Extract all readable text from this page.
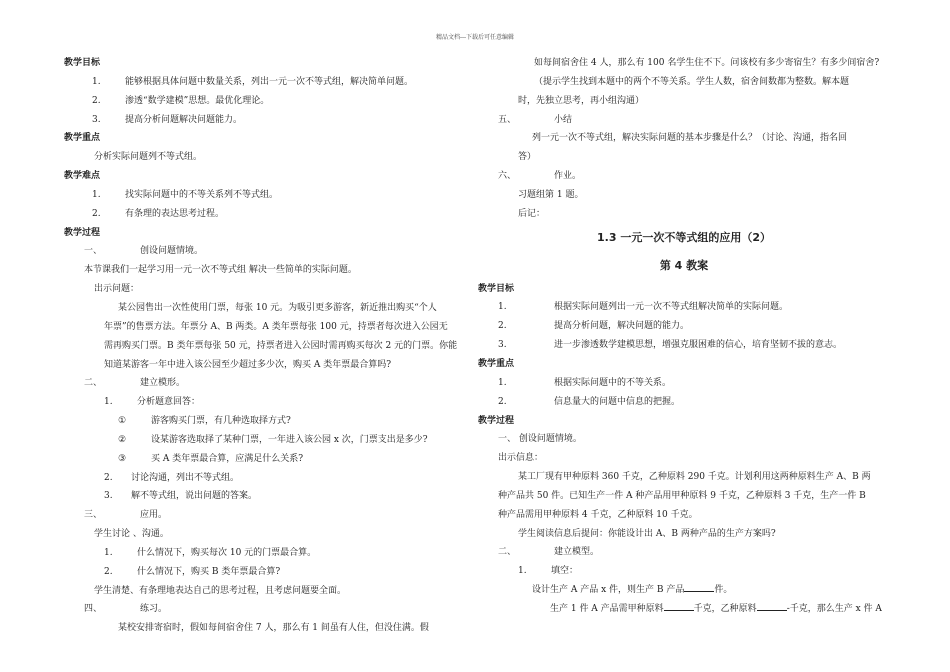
精品文档---下载后可任意编辑
教学目标
1.	能够根据具体问题中数量关系，列出一元一次不等式组，解决简单问题。
2.	渗透“数学建模”思想。最优化理论。
3.	提高分析问题解决问题能力。
教学重点
分析实际问题列不等式组。
教学难点
1.	找实际问题中的不等关系列不等式组。
2.	有条理的表达思考过程。
教学过程
一、	创设问题情境。
本节课我们一起学习用一元一次不等式组 解决一些简单的实际问题。
出示问题：
某公园售出一次性使用门票，每张 10 元。为吸引更多游客，新近推出购买“个人
年票”的售票方法。年票分 A、B 两类。A 类年票每张 100 元，持票者每次进入公园无
需再购买门票。B 类年票每张 50 元，持票者进入公园时需再购买每次 2 元的门票。你能
知道某游客一年中进入该公园至少超过多少次，购买 A 类年票最合算吗?
二、	建立模形。
1.	分析题意回答：
①	游客购买门票，有几种选取择方式?
②	设某游客选取择了某种门票，一年进入该公园 x 次，门票支出是多少?
③	买 A 类年票最合算，应满足什么关系?
2. 讨论沟通，列出不等式组。
3. 解不等式组，说出问题的答案。
三、	应用。
学生讨论 、沟通。
1.	什么情况下，购买每次 10 元的门票最合算。
2.	什么情况下，购买 B 类年票最合算?
学生清楚、有条理地表达自己的思考过程，且考虑问题要全面。
四、	练习。
某校安排寄宿时，假如每间宿舍住 7 人，那么有 1 间虽有人住，但没住满。假
如每间宿舍住 4 人，那么有 100 名学生住不下。问该校有多少寄宿生？有多少间宿舍?
（提示学生找到本题中的两个不等关系。学生人数，宿舍间数都为整数。解本题
时，先独立思考，再小组沟通）
五、	小结
列一元一次不等式组，解决实际问题的基本步骤是什么？（讨论、沟通，指名回
答）
六、	作业。
习题组第 1 题。
后记：
1.3 一元一次不等式组的应用（2）
第 4 教案
教学目标
1.	根据实际问题列出一元一次不等式组解决简单的实际问题。
2.	提高分析问题，解决问题的能力。
3.	进一步渗透数学建模思想，增强克服困难的信心，培育坚韧不拔的意志。
教学重点
1.	根据实际问题中的不等关系。
2.	信息量大的问题中信息的把握。
教学过程
一、 创设问题情境。
出示信息：
某工厂现有甲种原料 360 千克，乙种原料 290 千克。计划利用这两种原料生产 A、B 两
种产品共 50 件。已知生产一件 A 种产品用甲种原料 9 千克，乙种原料 3 千克，生产一件 B
种产品需用甲种原料 4 千克，乙种原料 10 千克。
学生阅读信息后提问：你能设计出 A、B 两种产品的生产方案吗?
二、	建立模型。
1.	填空：
设计生产 A 产品 x 件，则生产 B 产品	件。
生产 1 件 A 产品需甲种原料	千克，乙种原料	-千克，那么生产 x 件 A
